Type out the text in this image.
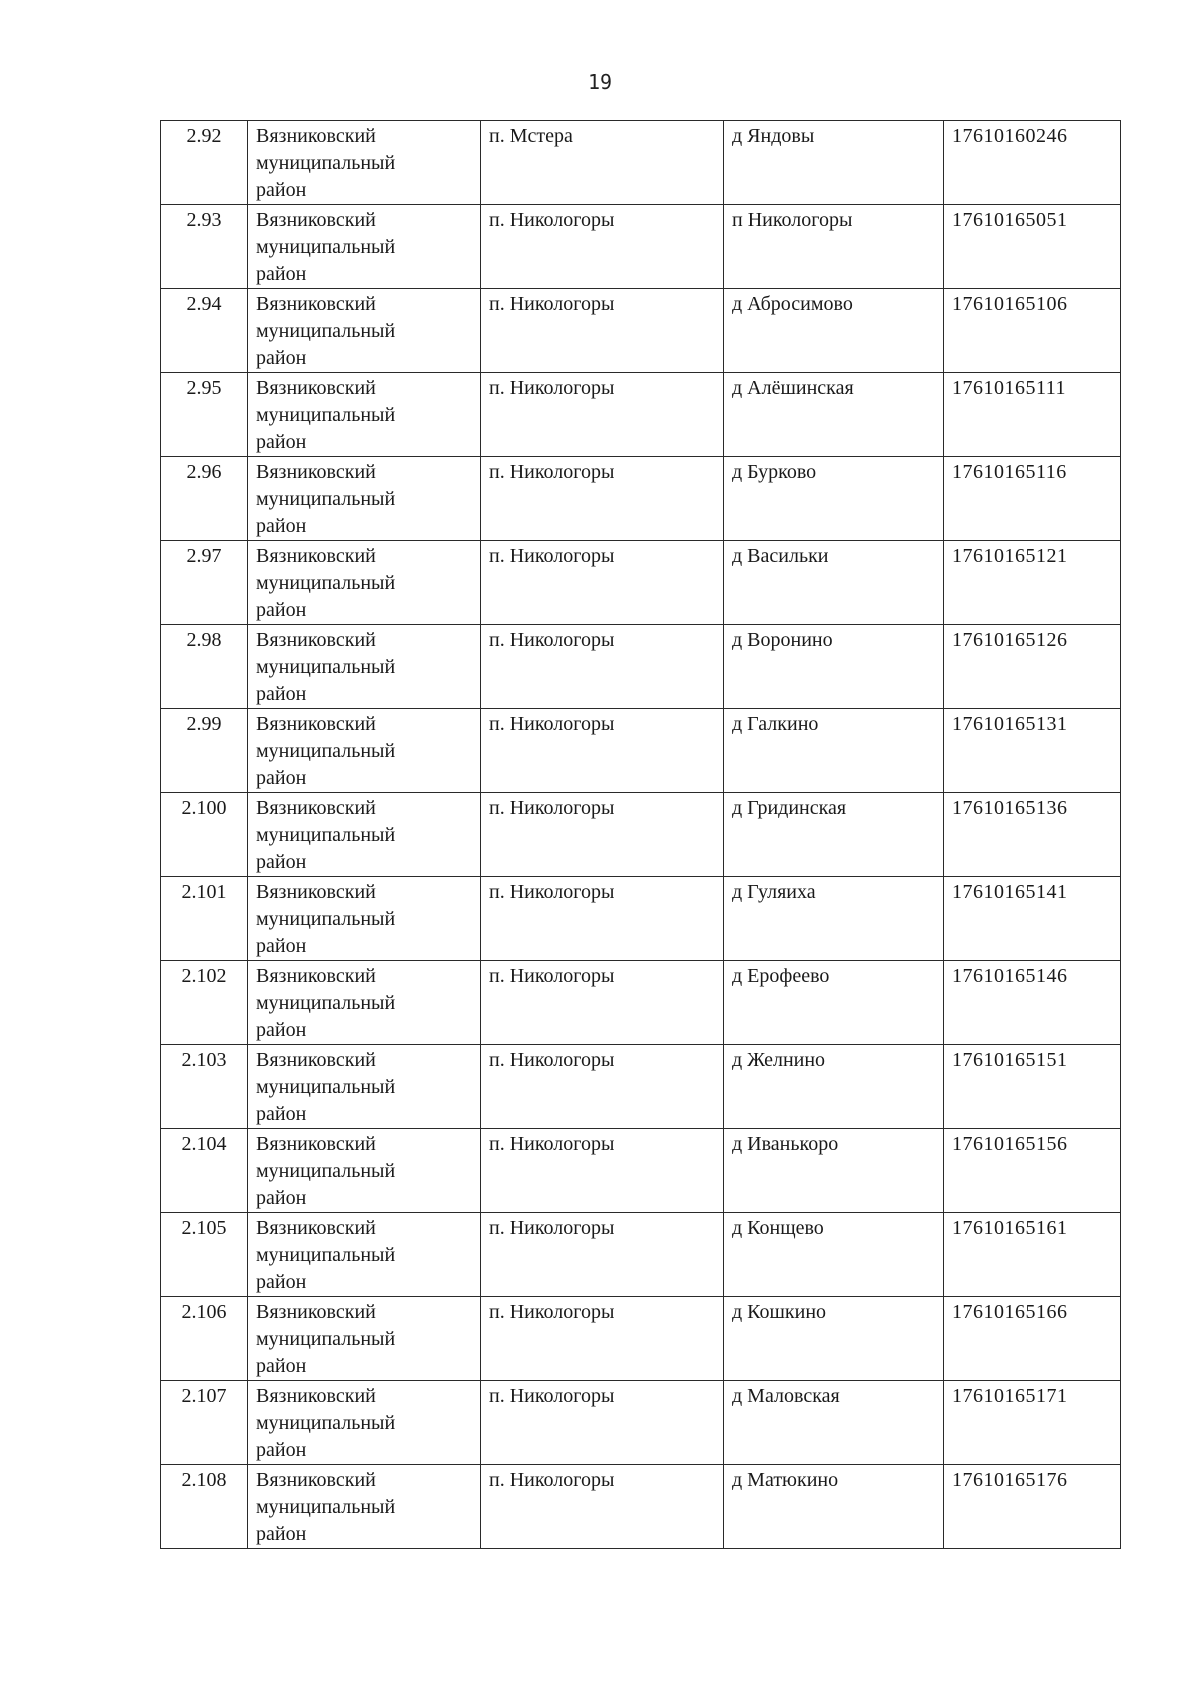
19
2.92	Вязниковский
муниципальный
район	п. Мстера	д Яндовы	17610160246
2.93	Вязниковский
муниципальный
район	п. Никологоры	п Никологоры	17610165051
2.94	Вязниковский
муниципальный
район	п. Никологоры	д Абросимово	17610165106
2.95	Вязниковский
муниципальный
район	п. Никологоры	д Алёшинская	17610165111
2.96	Вязниковский
муниципальный
район	п. Никологоры	д Бурково	17610165116
2.97	Вязниковский
муниципальный
район	п. Никологоры	д Васильки	17610165121
2.98	Вязниковский
муниципальный
район	п. Никологоры	д Воронино	17610165126
2.99	Вязниковский
муниципальный
район	п. Никологоры	д Галкино	17610165131
2.100	Вязниковский
муниципальный
район	п. Никологоры	д Гридинская	17610165136
2.101	Вязниковский
муниципальный
район	п. Никологоры	д Гуляиха	17610165141
2.102	Вязниковский
муниципальный
район	п. Никологоры	д Ерофеево	17610165146
2.103	Вязниковский
муниципальный
район	п. Никологоры	д Желнино	17610165151
2.104	Вязниковский
муниципальный
район	п. Никологоры	д Иванькоро	17610165156
2.105	Вязниковский
муниципальный
район	п. Никологоры	д Конщево	17610165161
2.106	Вязниковский
муниципальный
район	п. Никологоры	д Кошкино	17610165166
2.107	Вязниковский
муниципальный
район	п. Никологоры	д Маловская	17610165171
2.108	Вязниковский
муниципальный
район	п. Никологоры	д Матюкино	17610165176
